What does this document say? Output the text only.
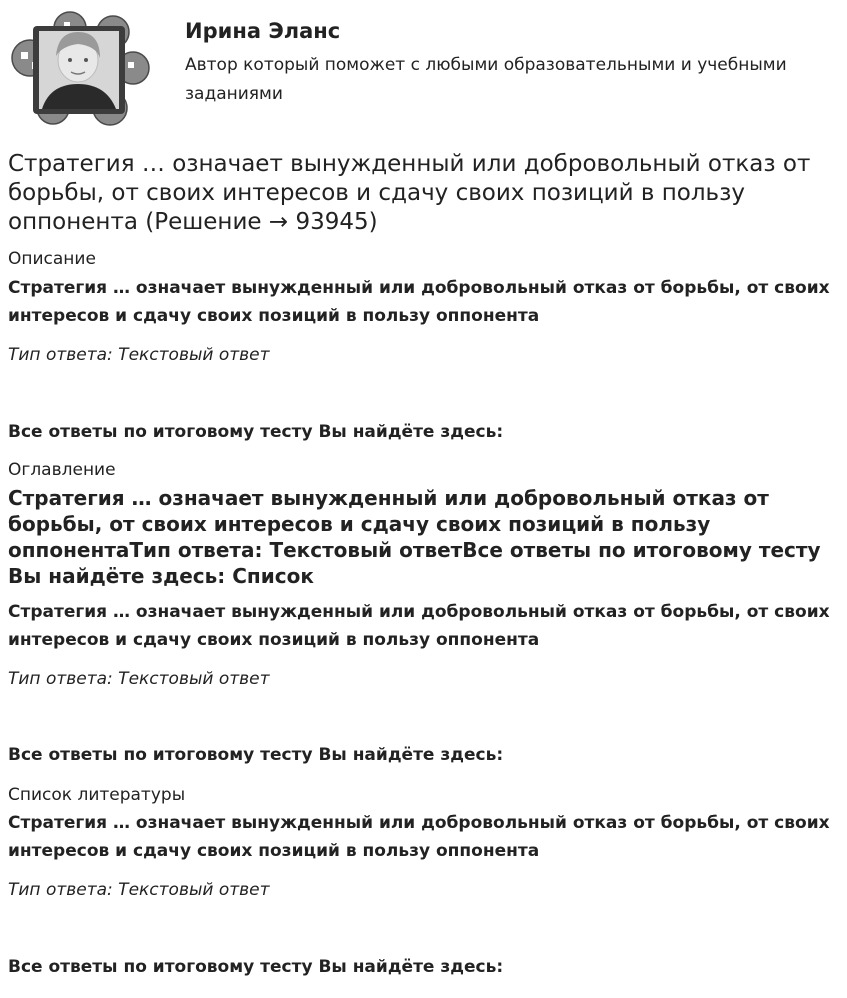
Ирина Эланс
Автор который поможет с любыми образовательными и учебными заданиями
Стратегия … означает вынужденный или добровольный отказ от борьбы, от своих интересов и сдачу своих позиций в пользу оппонента (Решение → 93945)
Описание
Стратегия … означает вынужденный или добровольный отказ от борьбы, от своих интересов и сдачу своих позиций в пользу оппонента
Тип ответа: Текстовый ответ
Все ответы по итоговому тесту Вы найдёте здесь:
Оглавление
Стратегия … означает вынужденный или добровольный отказ от борьбы, от своих интересов и сдачу своих позиций в пользу оппонентаТип ответа: Текстовый ответВсе ответы по итоговому тесту Вы найдёте здесь: Список
Стратегия … означает вынужденный или добровольный отказ от борьбы, от своих интересов и сдачу своих позиций в пользу оппонента
Тип ответа: Текстовый ответ
Все ответы по итоговому тесту Вы найдёте здесь:
Список литературы
Стратегия … означает вынужденный или добровольный отказ от борьбы, от своих интересов и сдачу своих позиций в пользу оппонента
Тип ответа: Текстовый ответ
Все ответы по итоговому тесту Вы найдёте здесь:
